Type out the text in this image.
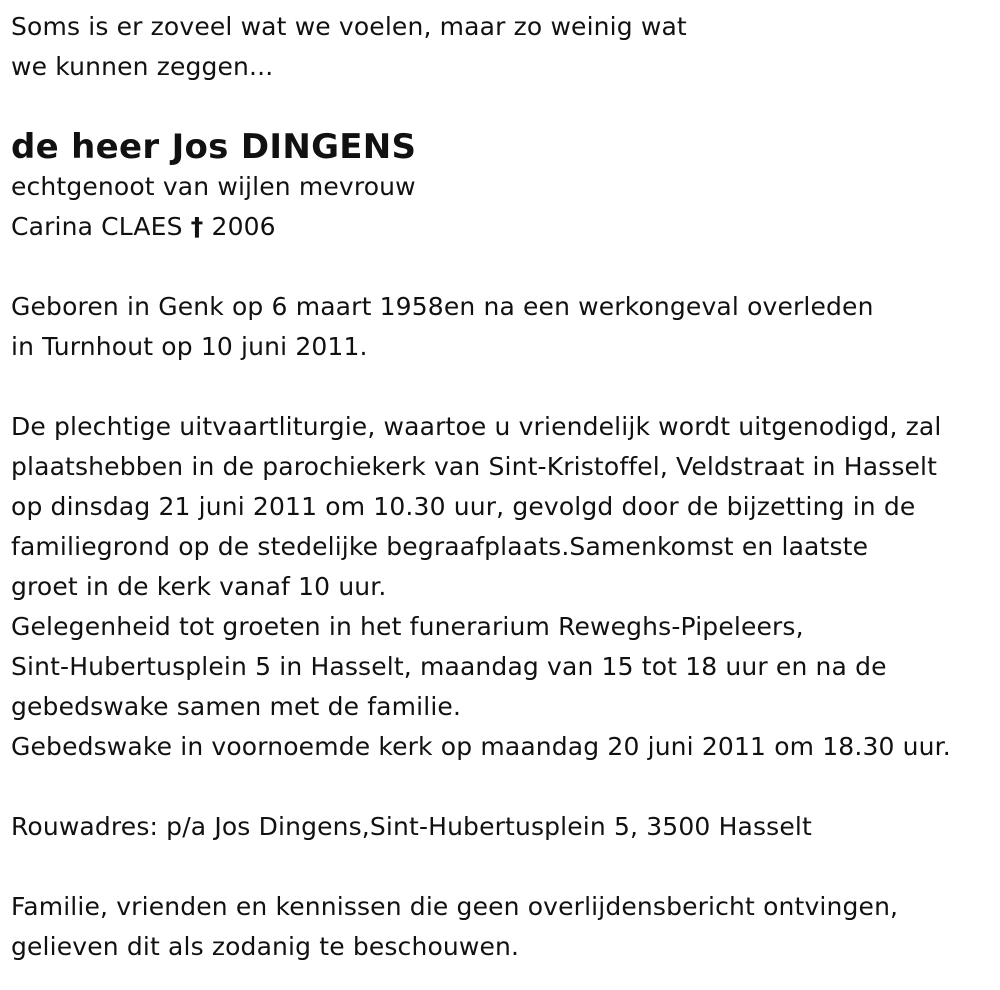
Soms is er zoveel wat we voelen, maar zo weinig wat
we kunnen zeggen...
de heer Jos DINGENS
echtgenoot van wijlen mevrouw
Carina CLAES † 2006
Geboren in Genk op 6 maart 1958en na een werkongeval overleden
in Turnhout op 10 juni 2011.
De plechtige uitvaartliturgie, waartoe u vriendelijk wordt uitgenodigd, zal
plaatshebben in de parochiekerk van Sint-Kristoffel, Veldstraat in Hasselt
op dinsdag 21 juni 2011 om 10.30 uur, gevolgd door de bijzetting in de
familiegrond op de stedelijke begraafplaats.Samenkomst en laatste
groet in de kerk vanaf 10 uur.
Gelegenheid tot groeten in het funerarium Reweghs-Pipeleers,
Sint-Hubertusplein 5 in Hasselt, maandag van 15 tot 18 uur en na de
gebedswake samen met de familie.
Gebedswake in voornoemde kerk op maandag 20 juni 2011 om 18.30 uur.
Rouwadres: p/a Jos Dingens,Sint-Hubertusplein 5, 3500 Hasselt
Familie, vrienden en kennissen die geen overlijdensbericht ontvingen,
gelieven dit als zodanig te beschouwen.
